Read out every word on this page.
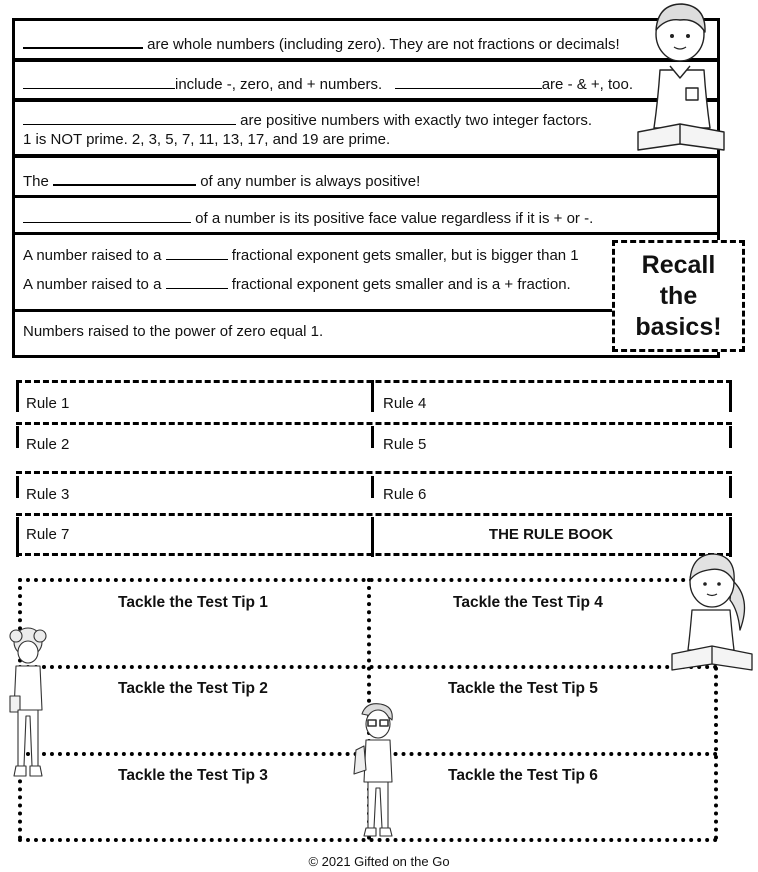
are whole numbers (including zero). They are not fractions or decimals!
include -, zero, and + numbers.	are - & +, too.
are positive numbers with exactly two integer factors.
1 is NOT prime. 2, 3, 5, 7, 11, 13, 17, and 19 are prime.
The	of any number is always positive!
of a number is its positive face value regardless if it is + or -.
A number raised to a	fractional exponent gets smaller, but is bigger than 1
A number raised to a	fractional exponent gets smaller and is a + fraction.
Numbers raised to the power of zero equal 1.
Recall
the
basics!
Rule 1	Rule 4
Rule 2	Rule 5
Rule 3	Rule 6
Rule 7	THE RULE BOOK
Tackle the Test Tip 1	Tackle the Test Tip 4
Tackle the Test Tip 2	Tackle the Test Tip 5
Tackle the Test Tip 3	Tackle the Test Tip 6
© 2021 Gifted on the Go
